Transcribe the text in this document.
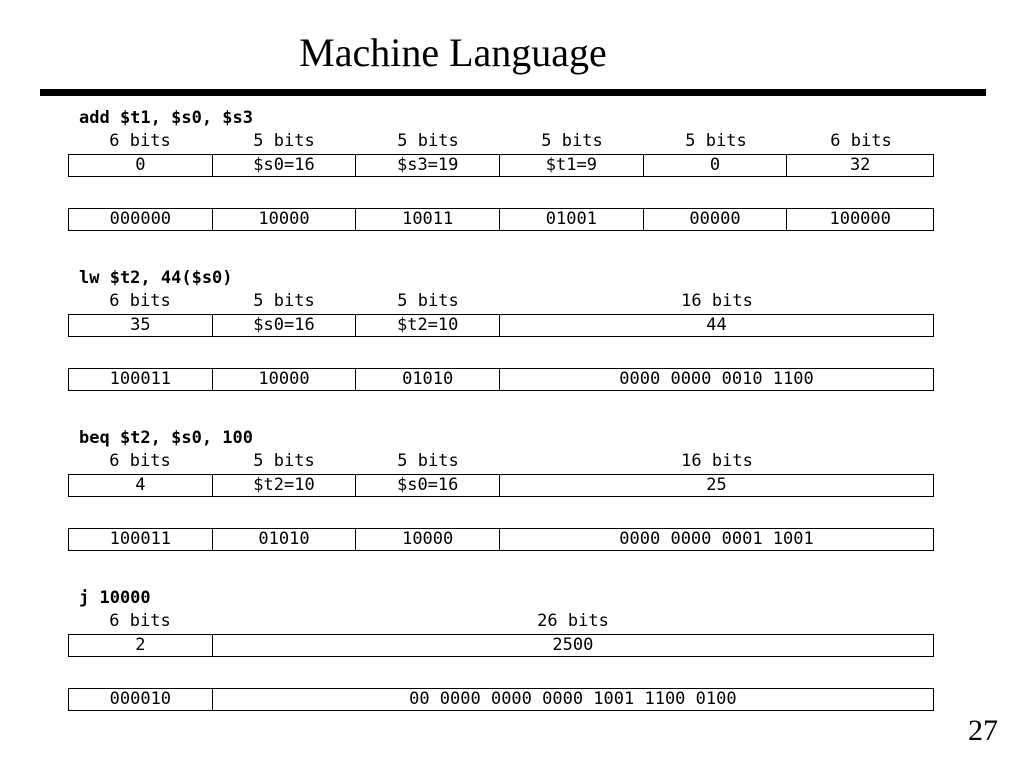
Machine Language
add $t1, $s0, $s3
6 bits	5 bits	5 bits	5 bits	5 bits	6 bits
0	$s0=16	$s3=19	$t1=9	0	32
000000	10000	10011	01001	00000	100000
lw $t2, 44($s0)
6 bits	5 bits	5 bits	16 bits
35	$s0=16	$t2=10	44
100011	10000	01010	0000 0000 0010 1100
beq $t2, $s0, 100
6 bits	5 bits	5 bits	16 bits
4	$t2=10	$s0=16	25
100011	01010	10000	0000 0000 0001 1001
j 10000
6 bits	26 bits
2	2500
000010	00 0000 0000 0000 1001 1100 0100
27
